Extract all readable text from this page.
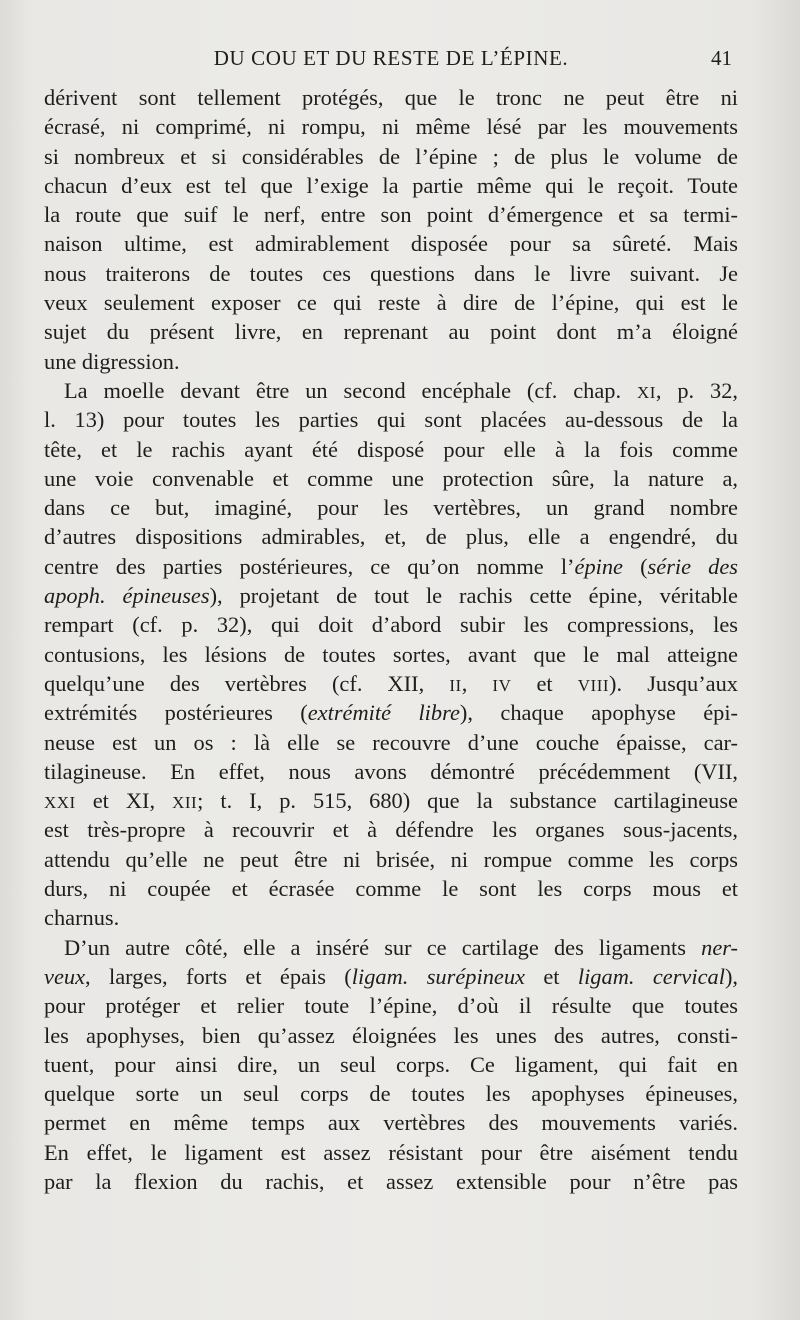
DU COU ET DU RESTE DE L’ÉPINE.	41
dérivent sont tellement protégés, que le tronc ne peut être ni
écrasé, ni comprimé, ni rompu, ni même lésé par les mouvements
si nombreux et si considérables de l’épine ; de plus le volume de
chacun d’eux est tel que l’exige la partie même qui le reçoit. Toute
la route que suif le nerf, entre son point d’émergence et sa termi-
naison ultime, est admirablement disposée pour sa sûreté. Mais
nous traiterons de toutes ces questions dans le livre suivant. Je
veux seulement exposer ce qui reste à dire de l’épine, qui est le
sujet du présent livre, en reprenant au point dont m’a éloigné
une digression.
La moelle devant être un second encéphale (cf. chap. XI, p. 32,
l. 13) pour toutes les parties qui sont placées au-dessous de la
tête, et le rachis ayant été disposé pour elle à la fois comme
une voie convenable et comme une protection sûre, la nature a,
dans ce but, imaginé, pour les vertèbres, un grand nombre
d’autres dispositions admirables, et, de plus, elle a engendré, du
centre des parties postérieures, ce qu’on nomme l’épine (série des
apoph. épineuses), projetant de tout le rachis cette épine, véritable
rempart (cf. p. 32), qui doit d’abord subir les compressions, les
contusions, les lésions de toutes sortes, avant que le mal atteigne
quelqu’une des vertèbres (cf. XII, II, IV et VIII). Jusqu’aux
extrémités postérieures (extrémité libre), chaque apophyse épi-
neuse est un os : là elle se recouvre d’une couche épaisse, car-
tilagineuse. En effet, nous avons démontré précédemment (VII,
XXI et XI, XII; t. I, p. 515, 680) que la substance cartilagineuse
est très-propre à recouvrir et à défendre les organes sous-jacents,
attendu qu’elle ne peut être ni brisée, ni rompue comme les corps
durs, ni coupée et écrasée comme le sont les corps mous et
charnus.
D’un autre côté, elle a inséré sur ce cartilage des ligaments ner-
veux, larges, forts et épais (ligam. surépineux et ligam. cervical),
pour protéger et relier toute l’épine, d’où il résulte que toutes
les apophyses, bien qu’assez éloignées les unes des autres, consti-
tuent, pour ainsi dire, un seul corps. Ce ligament, qui fait en
quelque sorte un seul corps de toutes les apophyses épineuses,
permet en même temps aux vertèbres des mouvements variés.
En effet, le ligament est assez résistant pour être aisément tendu
par la flexion du rachis, et assez extensible pour n’être pas
